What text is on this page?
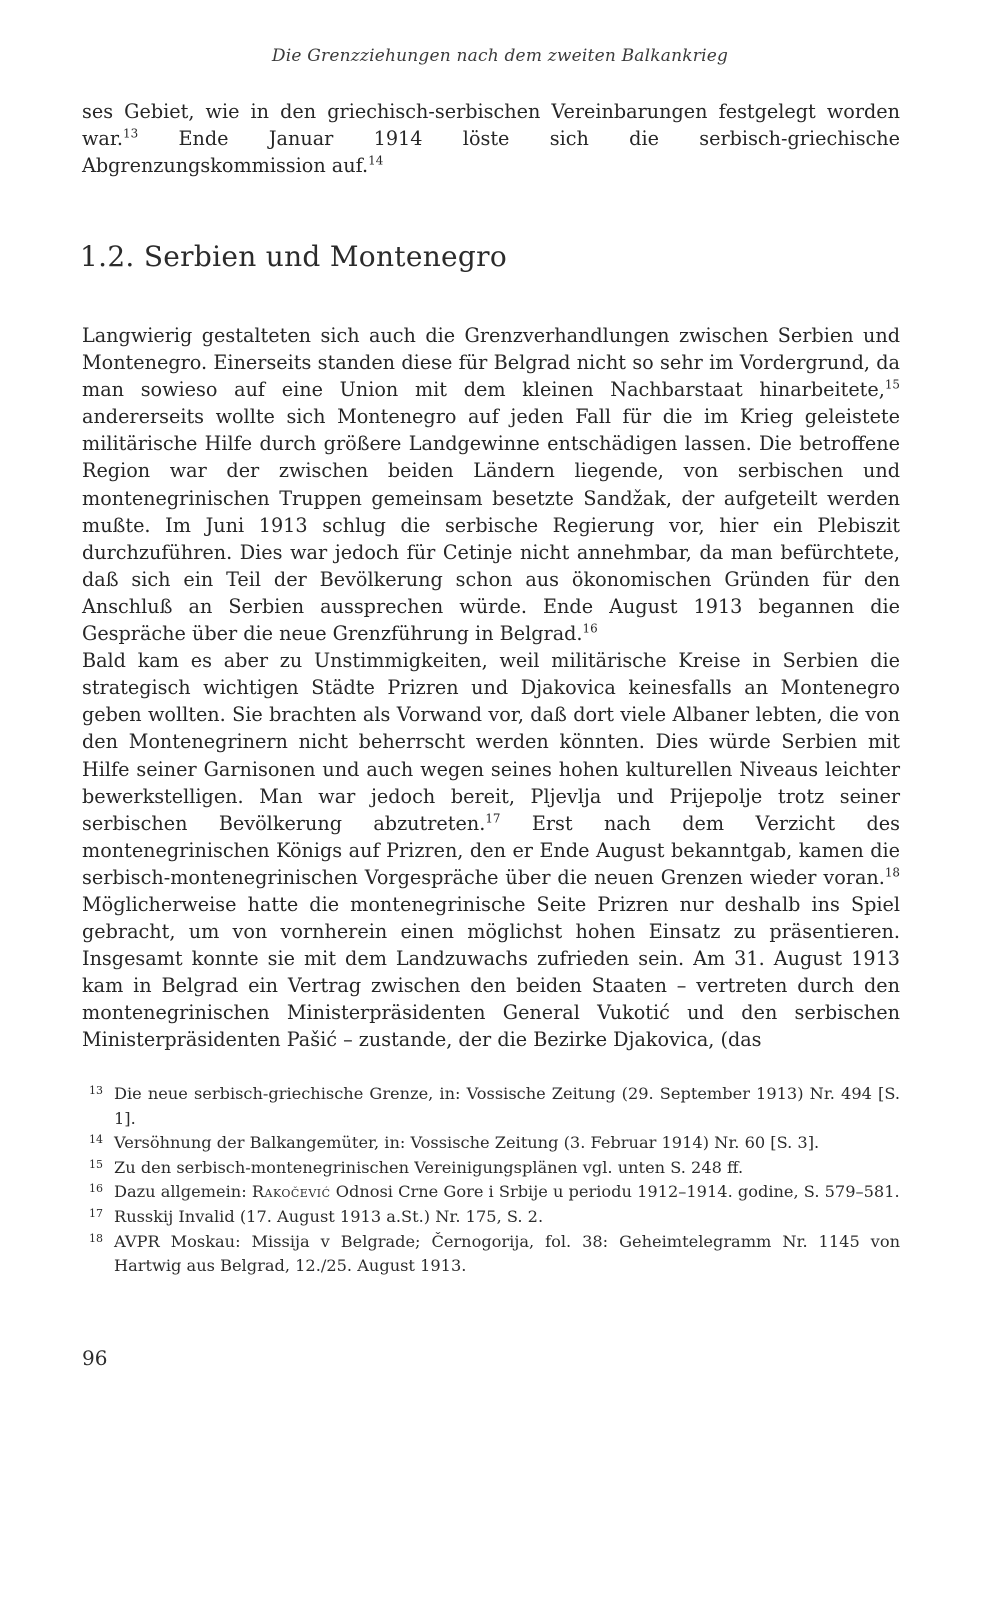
Die Grenzziehungen nach dem zweiten Balkankrieg

ses Gebiet, wie in den griechisch-serbischen Vereinbarungen festgelegt worden war.$^{13}$ Ende Januar 1914 löste sich die serbisch-griechische Abgrenzungskommission auf.$^{14}$

1.2. Serbien und Montenegro

Langwierig gestalteten sich auch die Grenzverhandlungen zwischen Serbien und Montenegro. Einerseits standen diese für Belgrad nicht so sehr im Vordergrund, da man sowieso auf eine Union mit dem kleinen Nachbarstaat hinarbeitete,$^{15}$ andererseits wollte sich Montenegro auf jeden Fall für die im Krieg geleistete militärische Hilfe durch größere Landgewinne entschädigen lassen. Die betroffene Region war der zwischen beiden Ländern liegende, von serbischen und montenegrinischen Truppen gemeinsam besetzte Sandžak, der aufgeteilt werden mußte. Im Juni 1913 schlug die serbische Regierung vor, hier ein Plebiszit durchzuführen. Dies war jedoch für Cetinje nicht annehmbar, da man befürchtete, daß sich ein Teil der Bevölkerung schon aus ökonomischen Gründen für den Anschluß an Serbien aussprechen würde. Ende August 1913 begannen die Gespräche über die neue Grenzführung in Belgrad.$^{16}$

Bald kam es aber zu Unstimmigkeiten, weil militärische Kreise in Serbien die strategisch wichtigen Städte Prizren und Djakovica keinesfalls an Montenegro geben wollten. Sie brachten als Vorwand vor, daß dort viele Albaner lebten, die von den Montenegrinern nicht beherrscht werden könnten. Dies würde Serbien mit Hilfe seiner Garnisonen und auch wegen seines hohen kulturellen Niveaus leichter bewerkstelligen. Man war jedoch bereit, Pljevlja und Prijepolje trotz seiner serbischen Bevölkerung abzutreten.$^{17}$ Erst nach dem Verzicht des montenegrinischen Königs auf Prizren, den er Ende August bekanntgab, kamen die serbisch-montenegrinischen Vorgespräche über die neuen Grenzen wieder voran.$^{18}$ Möglicherweise hatte die montenegrinische Seite Prizren nur deshalb ins Spiel gebracht, um von vornherein einen möglichst hohen Einsatz zu präsentieren. Insgesamt konnte sie mit dem Landzuwachs zufrieden sein. Am 31. August 1913 kam in Belgrad ein Vertrag zwischen den beiden Staaten – vertreten durch den montenegrinischen Ministerpräsidenten General Vukotić und den serbischen Ministerpräsidenten Pašić – zustande, der die Bezirke Djakovica, (das

13 Die neue serbisch-griechische Grenze, in: Vossische Zeitung (29. September 1913) Nr. 494 [S. 1].
14 Versöhnung der Balkangemüter, in: Vossische Zeitung (3. Februar 1914) Nr. 60 [S. 3].
15 Zu den serbisch-montenegrinischen Vereinigungsplänen vgl. unten S. 248 ff.
16 Dazu allgemein: Rakočević Odnosi Crne Gore i Srbije u periodu 1912–1914. godine, S. 579–581.
17 Russkij Invalid (17. August 1913 a.St.) Nr. 175, S. 2.
18 AVPR Moskau: Missija v Belgrade; Černogorija, fol. 38: Geheimtelegramm Nr. 1145 von Hartwig aus Belgrad, 12./25. August 1913.
96
